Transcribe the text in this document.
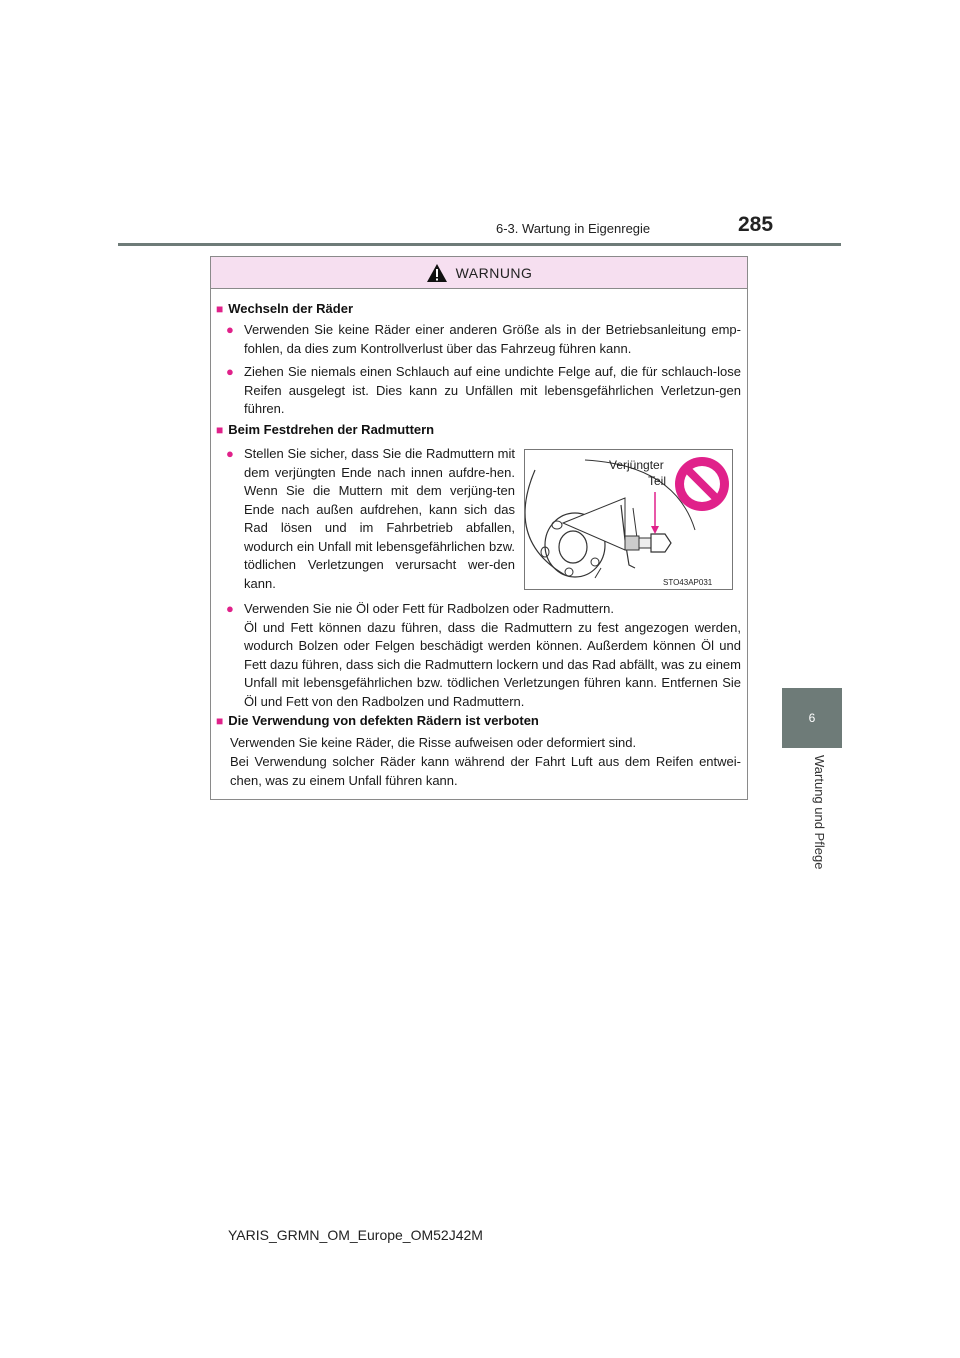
6-3. Wartung in Eigenregie	285
6
Wartung und Pflege
WARNUNG
■ Wechseln der Räder
● Verwenden Sie keine Räder einer anderen Größe als in der Betriebsanleitung emp-fohlen, da dies zum Kontrollverlust über das Fahrzeug führen kann.
● Ziehen Sie niemals einen Schlauch auf eine undichte Felge auf, die für schlauch-lose Reifen ausgelegt ist. Dies kann zu Unfällen mit lebensgefährlichen Verletzun-gen führen.
■ Beim Festdrehen der Radmuttern
● Stellen Sie sicher, dass Sie die Radmuttern mit dem verjüngten Ende nach innen aufdre-hen. Wenn Sie die Muttern mit dem verjüng-ten Ende nach außen aufdrehen, kann sich das Rad lösen und im Fahrbetrieb abfallen, wodurch ein Unfall mit lebensgefährlichen bzw. tödlichen Verletzungen verursacht wer-den kann.
Verjüngter
Teil
STO43AP031
● Verwenden Sie nie Öl oder Fett für Radbolzen oder Radmuttern.
Öl und Fett können dazu führen, dass die Radmuttern zu fest angezogen werden, wodurch Bolzen oder Felgen beschädigt werden können. Außerdem können Öl und Fett dazu führen, dass sich die Radmuttern lockern und das Rad abfällt, was zu einem Unfall mit lebensgefährlichen bzw. tödlichen Verletzungen führen kann. Entfernen Sie Öl und Fett von den Radbolzen und Radmuttern.
■ Die Verwendung von defekten Rädern ist verboten
Verwenden Sie keine Räder, die Risse aufweisen oder deformiert sind.
Bei Verwendung solcher Räder kann während der Fahrt Luft aus dem Reifen entwei-chen, was zu einem Unfall führen kann.
YARIS_GRMN_OM_Europe_OM52J42M
